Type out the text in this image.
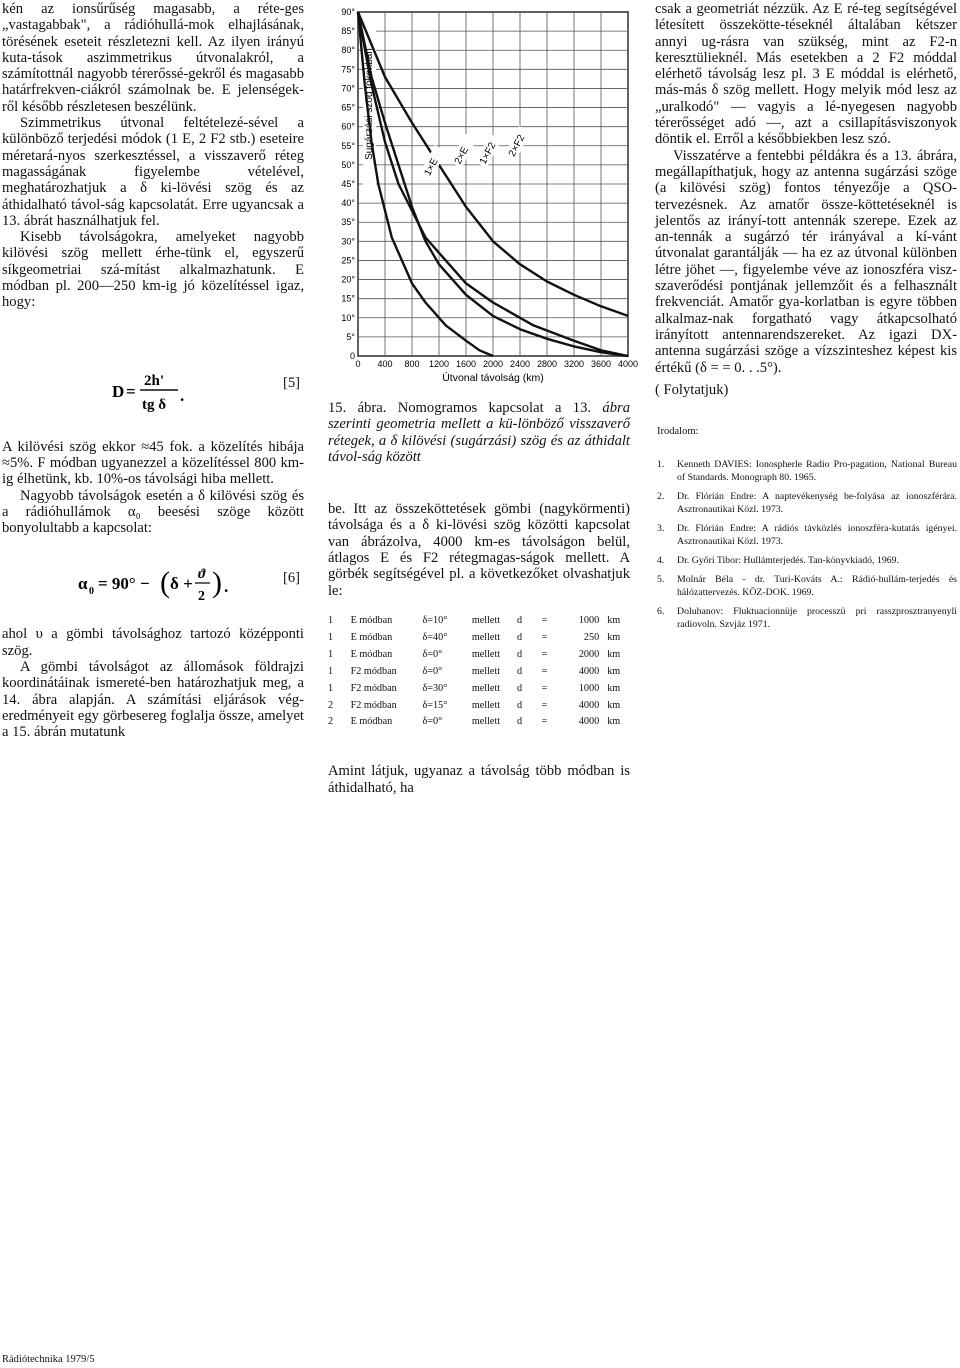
kén az ionsűrűség magasabb, a réte-ges „vastagabbak", a rádióhullá-mok elhajlásának, törésének eseteit részletezni kell. Az ilyen irányú kuta-tások aszimmetrikus útvonalakról, a számítottnál nagyobb térerőssé-gekről és magasabb határfrekven-ciákról számolnak be. E jelenségek-ről később részletesen beszélünk.

Szimmetrikus útvonal feltételezé-sével a különböző terjedési módok (1 E, 2 F2 stb.) eseteire méretará-nyos szerkesztéssel, a visszaverő réteg magasságának figyelembe vételével, meghatározhatjuk a δ ki-lövési szög és az áthidalható távol-ság kapcsolatát. Erre ugyancsak a 13. ábrát használhatjuk fel.

Kisebb távolságokra, amelyeket nagyobb kilövési szög mellett érhe-tünk el, egyszerű síkgeometriai szá-mítást alkalmazhatunk. E módban pl. 200—250 km-ig jó közelítéssel igaz, hogy:

D =
2h'
tg δ .
[5]

A kilövési szög ekkor ≈45 fok. a közelítés hibája ≈5%. F módban ugyanezzel a közelítéssel 800 km-ig élhetünk, kb. 10%-os távolsági hiba mellett.

Nagyobb távolságok esetén a δ kilövési szög és a rádióhullámok α₀ beesési szöge között bonyolultabb a kapcsolat:

α 0 = 90° − ( δ + ϑ
2 ) .	[6]

ahol υ a gömbi távolsághoz tartozó középponti szög.

A gömbi távolságot az állomások földrajzi koordinátáinak ismereté-ben határozhatjuk meg, a 14. ábra alapján. A számítási eljárások vég-eredményeit egy görbesereg foglalja össze, amelyet a 15. ábrán mutatunk

0 400 800 1200 1600 2000 2400 2800 3200 3600 4000
0
5°
10°
15°
20°
25°
30°
35°
40°
45°
50°
55°
60°
65°
70°
75°
80°
85°
90°
Útvonal távolság (km)
Sugárzási szög fokokban
1×E
2×E 1×F2 2×F2

15. ábra. Nomogramos kapcsolat a 13. ábra szerinti geometria mellett a kü-lönböző visszaverő rétegek, a δ kilövési (sugárzási) szög és az áthidalt távol-ság között

be. Itt az összeköttetések gömbi (nagykörmenti) távolsága és a δ ki-lövési szög közötti kapcsolat van ábrázolva, 4000 km-es távolságon belül, átlagos E és F2 rétegmagas-ságok mellett. A görbék segítségével pl. a következőket olvashatjuk le:

1	E módban	δ=10°	mellett	d	=	1000	km
1	E módban	δ=40°	mellett	d	=	250	km
1	E módban	δ=0°	mellett	d	=	2000	km
1	F2 módban	δ=0°	mellett	d	=	4000	km
1	F2 módban	δ=30°	mellett	d	=	1000	km
2	F2 módban	δ=15°	mellett	d	=	4000	km
2	E módban	δ=0°	mellett	d	=	4000	km

Amint látjuk, ugyanaz a távolság több módban is áthidalható, ha

csak a geometriát nézzük. Az E ré-teg segítségével létesített összekötte-téseknél általában kétszer annyi ug-rásra van szükség, mint az F2-n keresztülieknél. Más esetekben a 2 F2 móddal elérhető távolság lesz pl. 3 E móddal is elérhető, más-más δ szög mellett. Hogy melyik mód lesz az „uralkodó" — vagyis a lé-nyegesen nagyobb térerősséget adó —, azt a csillapításviszonyok döntik el. Erről a későbbiekben lesz szó.

Visszatérve a fentebbi példákra és a 13. ábrára, megállapíthatjuk, hogy az antenna sugárzási szöge (a kilövési szög) fontos tényezője a QSO-tervezésnek. Az amatőr össze-köttetéseknél is jelentős az irányí-tott antennák szerepe. Ezek az an-tennák a sugárzó tér irányával a kí-vánt útvonalat garantálják — ha ez az útvonal különben létre jöhet —, figyelembe véve az ionoszféra visz-szaverődési pontjának jellemzőit és a felhasznált frekvenciát. Amatőr gya-korlatban is egyre többen alkalmaz-nak forgatható vagy átkapcsolható irányított antennarendszereket. Az igazi DX-antenna sugárzási szöge a vízszinteshez képest kis értékű (δ = = 0. . .5°).

( Folytatjuk)

Irodalom:
1. Kenneth DAVIES: Ionospherle Radio Pro-pagation, National Bureau of Standards. Monograph 80. 1965.
2. Dr. Flórián Endre: A naptevékenység be-folyása az ionoszférára. Asztronautikai Közl. 1973.
3. Dr. Flórián Endre: A rádiós távközlés ionoszféra-kutatás igényei. Asztronautikai Közl. 1973.
4. Dr. Győri Tibor: Hullámterjedés. Tan-könyvkiadó, 1969.
5. Molnár Béla - dr. Turi-Kováts A.: Rádió-hullám-terjedés és hálózattervezés. KÖZ-DOK. 1969.
6. Doluhanov: Fluktuacionnüje processzü pri rasszprosztranyenyli radiovoln. Szvjáz 1971.
Rádiótechnika 1979/5
